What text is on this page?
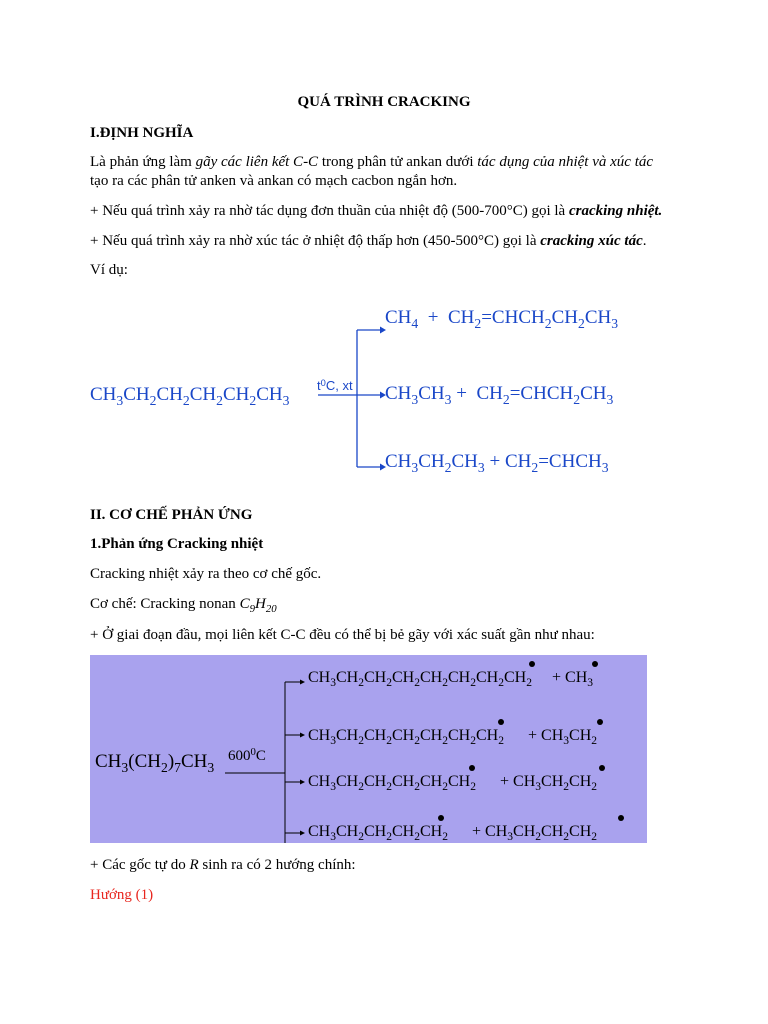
QUÁ TRÌNH CRACKING
I.ĐỊNH NGHĨA
Là phản ứng làm gãy các liên kết C-C trong phân tử ankan dưới tác dụng của nhiệt và xúc tác
tạo ra các phân tử anken và ankan có mạch cacbon ngắn hơn.
+ Nếu quá trình xảy ra nhờ tác dụng đơn thuần của nhiệt độ (500-700°C) gọi là cracking nhiệt.
+ Nếu quá trình xảy ra nhờ xúc tác ở nhiệt độ thấp hơn (450-500°C) gọi là cracking xúc tác.
Ví dụ:
$CH_3CH_2CH_2CH_2CH_2CH_3$
$t^0C$, xt
$CH_4$  +  $CH_2=CHCH_2CH_2CH_3$
$CH_3CH_3$ +  $CH_2=CHCH_2CH_3$
$CH_3CH_2CH_3$ + $CH_2=CHCH_3$
II. CƠ CHẾ PHẢN ỨNG
1.Phản ứng Cracking nhiệt
Cracking nhiệt xảy ra theo cơ chế gốc.
Cơ chế: Cracking nonan $C_9H_{20}$
+ Ở giai đoạn đầu, mọi liên kết C-C đều có thể bị bẻ gãy với xác suất gần như nhau:
$CH_3(CH_2)_7CH_3$
$600^0C$
$CH_3CH_2CH_2CH_2CH_2CH_2CH_2CH_2$     + $CH_3$
$CH_3CH_2CH_2CH_2CH_2CH_2CH_2$      + $CH_3CH_2$
$CH_3CH_2CH_2CH_2CH_2CH_2$      + $CH_3CH_2CH_2$
$CH_3CH_2CH_2CH_2CH_2$      + $CH_3CH_2CH_2CH_2$
+ Các gốc tự do R sinh ra có 2 hướng chính:
Hướng (1)
